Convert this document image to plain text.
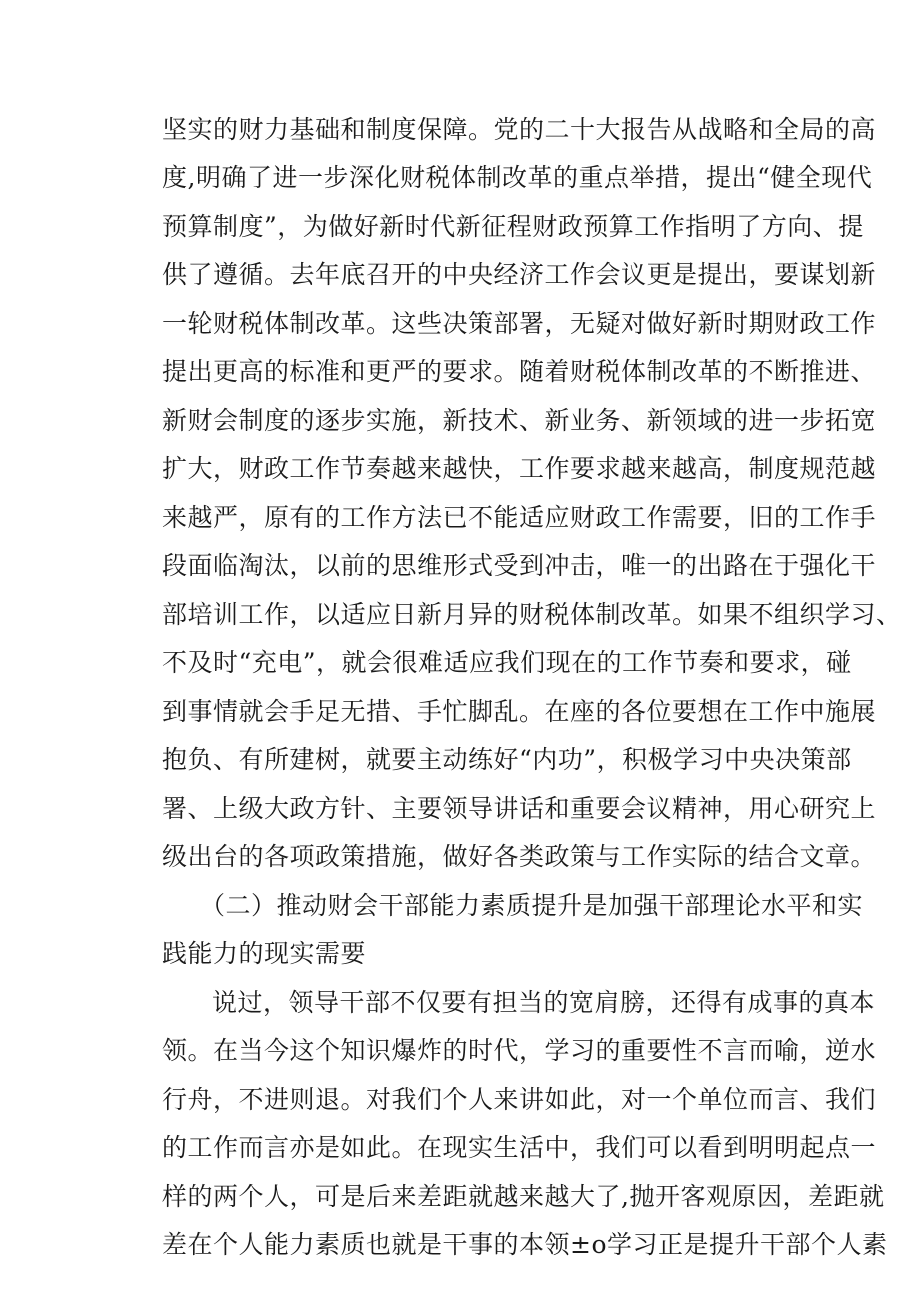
坚实的财力基础和制度保障。党的二十大报告从战略和全局的高
度,明确了进一步深化财税体制改革的重点举措，提出“健全现代
预算制度”，为做好新时代新征程财政预算工作指明了方向、提
供了遵循。去年底召开的中央经济工作会议更是提出，要谋划新
一轮财税体制改革。这些决策部署，无疑对做好新时期财政工作
提出更高的标准和更严的要求。随着财税体制改革的不断推进、
新财会制度的逐步实施，新技术、新业务、新领域的进一步拓宽
扩大，财政工作节奏越来越快，工作要求越来越高，制度规范越
来越严，原有的工作方法已不能适应财政工作需要，旧的工作手
段面临淘汰，以前的思维形式受到冲击，唯一的出路在于强化干
部培训工作，以适应日新月异的财税体制改革。如果不组织学习、
不及时“充电”，就会很难适应我们现在的工作节奏和要求，碰
到事情就会手足无措、手忙脚乱。在座的各位要想在工作中施展
抱负、有所建树，就要主动练好“内功”，积极学习中央决策部
署、上级大政方针、主要领导讲话和重要会议精神，用心研究上
级出台的各项政策措施，做好各类政策与工作实际的结合文章。
（二）推动财会干部能力素质提升是加强干部理论水平和实
践能力的现实需要
说过，领导干部不仅要有担当的宽肩膀，还得有成事的真本
领。在当今这个知识爆炸的时代，学习的重要性不言而喻，逆水
行舟，不进则退。对我们个人来讲如此，对一个单位而言、我们
的工作而言亦是如此。在现实生活中，我们可以看到明明起点一
样的两个人，可是后来差距就越来越大了,抛开客观原因，差距就
差在个人能力素质也就是干事的本领±o学习正是提升干部个人素
